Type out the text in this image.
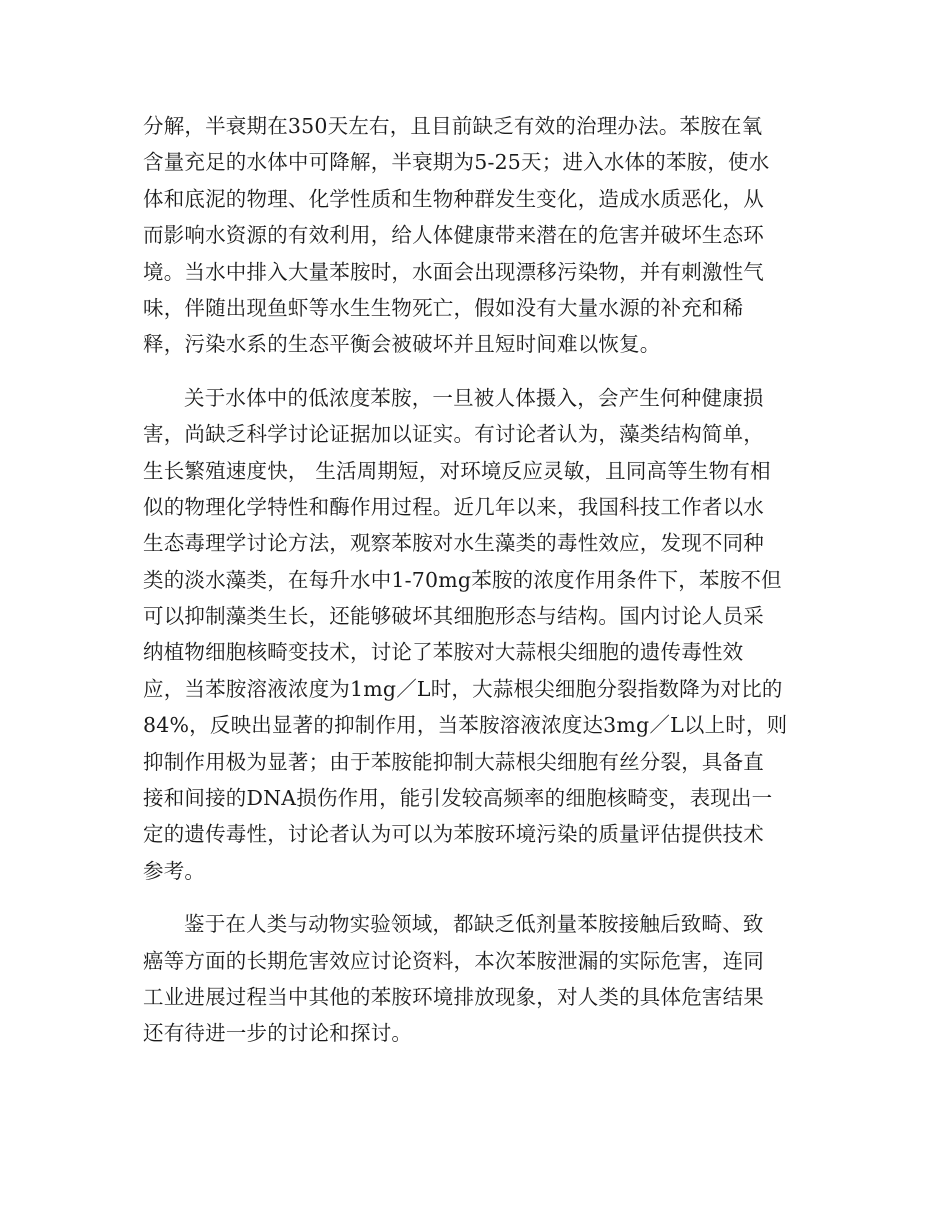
分解，半衰期在350天左右，且目前缺乏有效的治理办法。苯胺在氧
含量充足的水体中可降解，半衰期为5-25天；进入水体的苯胺，使水
体和底泥的物理、化学性质和生物种群发生变化，造成水质恶化，从
而影响水资源的有效利用，给人体健康带来潜在的危害并破坏生态环
境。当水中排入大量苯胺时，水面会出现漂移污染物，并有刺激性气
味，伴随出现鱼虾等水生生物死亡，假如没有大量水源的补充和稀
释，污染水系的生态平衡会被破坏并且短时间难以恢复。

关于水体中的低浓度苯胺，一旦被人体摄入，会产生何种健康损
害，尚缺乏科学讨论证据加以证实。有讨论者认为，藻类结构简单，
生长繁殖速度快， 生活周期短，对环境反应灵敏，且同高等生物有相
似的物理化学特性和酶作用过程。近几年以来，我国科技工作者以水
生态毒理学讨论方法，观察苯胺对水生藻类的毒性效应，发现不同种
类的淡水藻类，在每升水中1-70mg苯胺的浓度作用条件下，苯胺不但
可以抑制藻类生长，还能够破坏其细胞形态与结构。国内讨论人员采
纳植物细胞核畸变技术，讨论了苯胺对大蒜根尖细胞的遗传毒性效
应，当苯胺溶液浓度为1mg／L时，大蒜根尖细胞分裂指数降为对比的
84%，反映出显著的抑制作用，当苯胺溶液浓度达3mg／L以上时，则
抑制作用极为显著；由于苯胺能抑制大蒜根尖细胞有丝分裂，具备直
接和间接的DNA损伤作用，能引发较高频率的细胞核畸变，表现出一
定的遗传毒性，讨论者认为可以为苯胺环境污染的质量评估提供技术
参考。

鉴于在人类与动物实验领域，都缺乏低剂量苯胺接触后致畸、致
癌等方面的长期危害效应讨论资料，本次苯胺泄漏的实际危害，连同
工业进展过程当中其他的苯胺环境排放现象，对人类的具体危害结果
还有待进一步的讨论和探讨。
